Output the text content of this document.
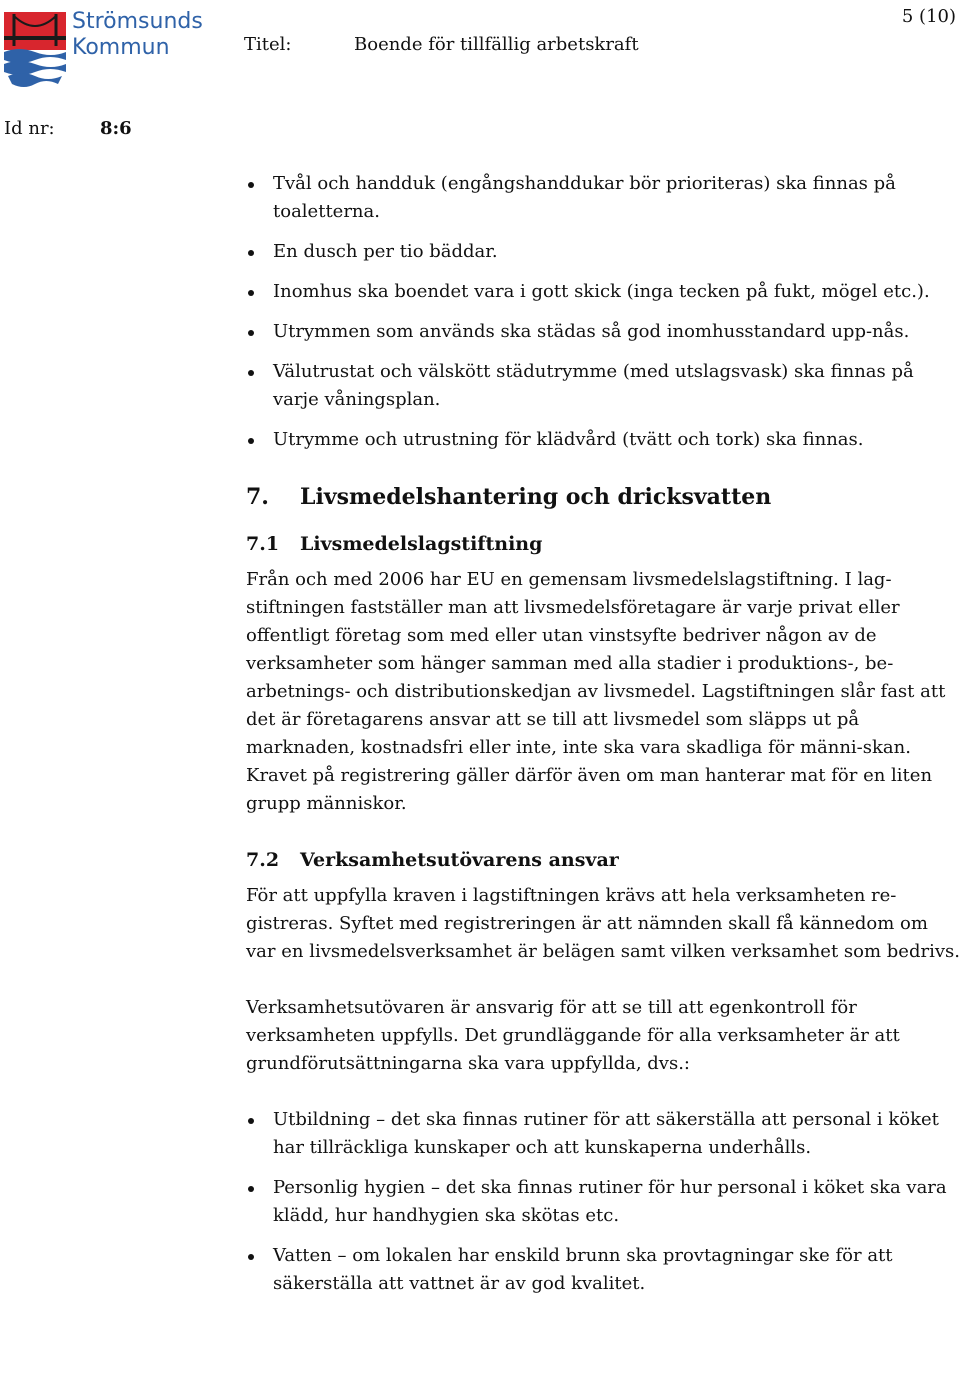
Strömsunds
Kommun
5 (10)
Titel:	Boende för tillfällig arbetskraft
Id nr:	8:6
Tvål och handduk (engångshanddukar bör prioriteras) ska finnas på toaletterna.
En dusch per tio bäddar.
Inomhus ska boendet vara i gott skick (inga tecken på fukt, mögel etc.).
Utrymmen som används ska städas så god inomhusstandard upp-nås.
Välutrustat och välskött städutrymme (med utslagsvask) ska finnas på varje våningsplan.
Utrymme och utrustning för klädvård (tvätt och tork) ska finnas.
7. Livsmedelshantering och dricksvatten
7.1 Livsmedelslagstiftning

Från och med 2006 har EU en gemensam livsmedelslagstiftning. I lag-stiftningen fastställer man att livsmedelsföretagare är varje privat eller offentligt företag som med eller utan vinstsyfte bedriver någon av de verksamheter som hänger samman med alla stadier i produktions-, be-arbetnings- och distributionskedjan av livsmedel. Lagstiftningen slår fast att det är företagarens ansvar att se till att livsmedel som släpps ut på marknaden, kostnadsfri eller inte, inte ska vara skadliga för männi-skan. Kravet på registrering gäller därför även om man hanterar mat för en liten grupp människor.

7.2 Verksamhetsutövarens ansvar

För att uppfylla kraven i lagstiftningen krävs att hela verksamheten re-gistreras. Syftet med registreringen är att nämnden skall få kännedom om var en livsmedelsverksamhet är belägen samt vilken verksamhet som bedrivs.

Verksamhetsutövaren är ansvarig för att se till att egenkontroll för verksamheten uppfylls. Det grundläggande för alla verksamheter är att grundförutsättningarna ska vara uppfyllda, dvs.:

Utbildning – det ska finnas rutiner för att säkerställa att personal i köket har tillräckliga kunskaper och att kunskaperna underhålls.
Personlig hygien – det ska finnas rutiner för hur personal i köket ska vara klädd, hur handhygien ska skötas etc.
Vatten – om lokalen har enskild brunn ska provtagningar ske för att säkerställa att vattnet är av god kvalitet.
